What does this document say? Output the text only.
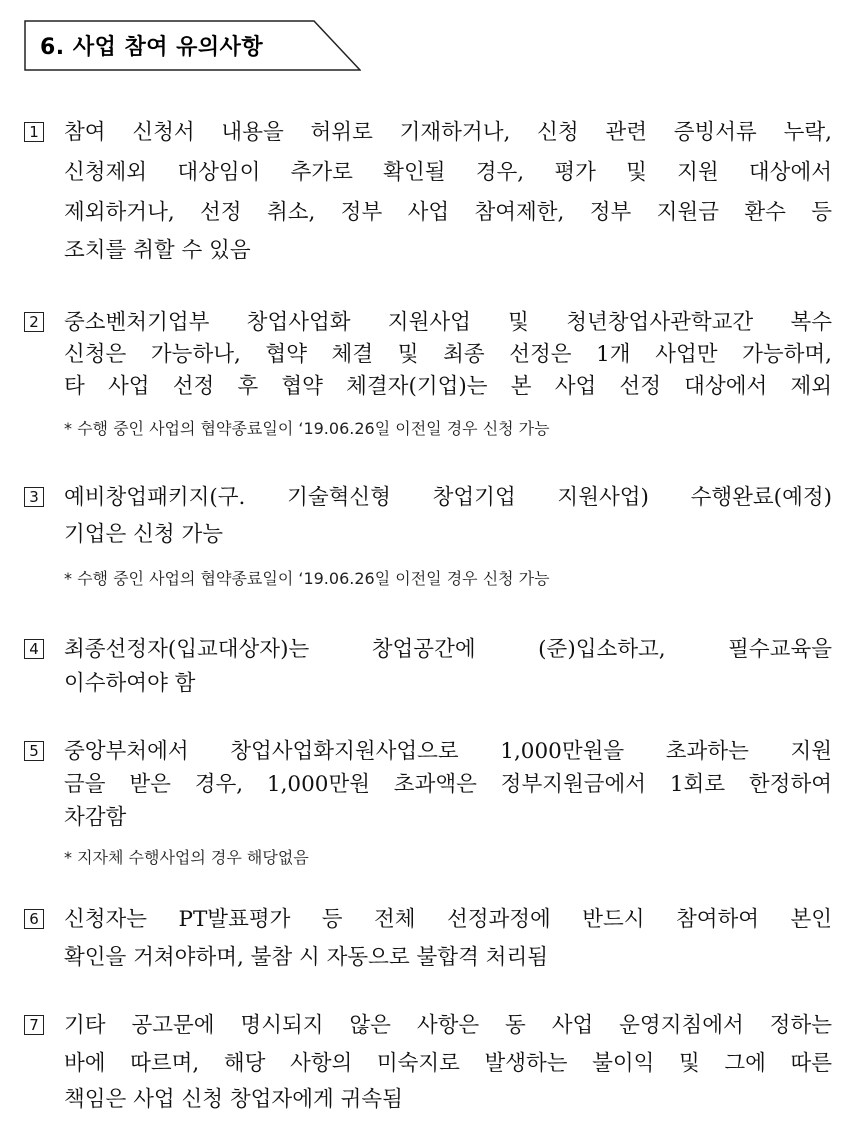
6. 사업 참여 유의사항
1 참여 신청서 내용을 허위로 기재하거나, 신청 관련 증빙서류 누락,
신청제외 대상임이 추가로 확인될 경우, 평가 및 지원 대상에서
제외하거나, 선정 취소, 정부 사업 참여제한, 정부 지원금 환수 등
조치를 취할 수 있음
2 중소벤처기업부 창업사업화 지원사업 및 청년창업사관학교간 복수
신청은 가능하나, 협약 체결 및 최종 선정은 1개 사업만 가능하며,
타 사업 선정 후 협약 체결자(기업)는 본 사업 선정 대상에서 제외
* 수행 중인 사업의 협약종료일이 ‘19.06.26일 이전일 경우 신청 가능
3 예비창업패키지(구. 기술혁신형 창업기업 지원사업) 수행완료(예정)
기업은 신청 가능
* 수행 중인 사업의 협약종료일이 ‘19.06.26일 이전일 경우 신청 가능
4 최종선정자(입교대상자)는 창업공간에 (준)입소하고, 필수교육을
이수하여야 함
5 중앙부처에서 창업사업화지원사업으로 1,000만원을 초과하는 지원
금을 받은 경우, 1,000만원 초과액은 정부지원금에서 1회로 한정하여
차감함
* 지자체 수행사업의 경우 해당없음
6 신청자는 PT발표평가 등 전체 선정과정에 반드시 참여하여 본인
확인을 거쳐야하며, 불참 시 자동으로 불합격 처리됨
7 기타 공고문에 명시되지 않은 사항은 동 사업 운영지침에서 정하는
바에 따르며, 해당 사항의 미숙지로 발생하는 불이익 및 그에 따른
책임은 사업 신청 창업자에게 귀속됨
